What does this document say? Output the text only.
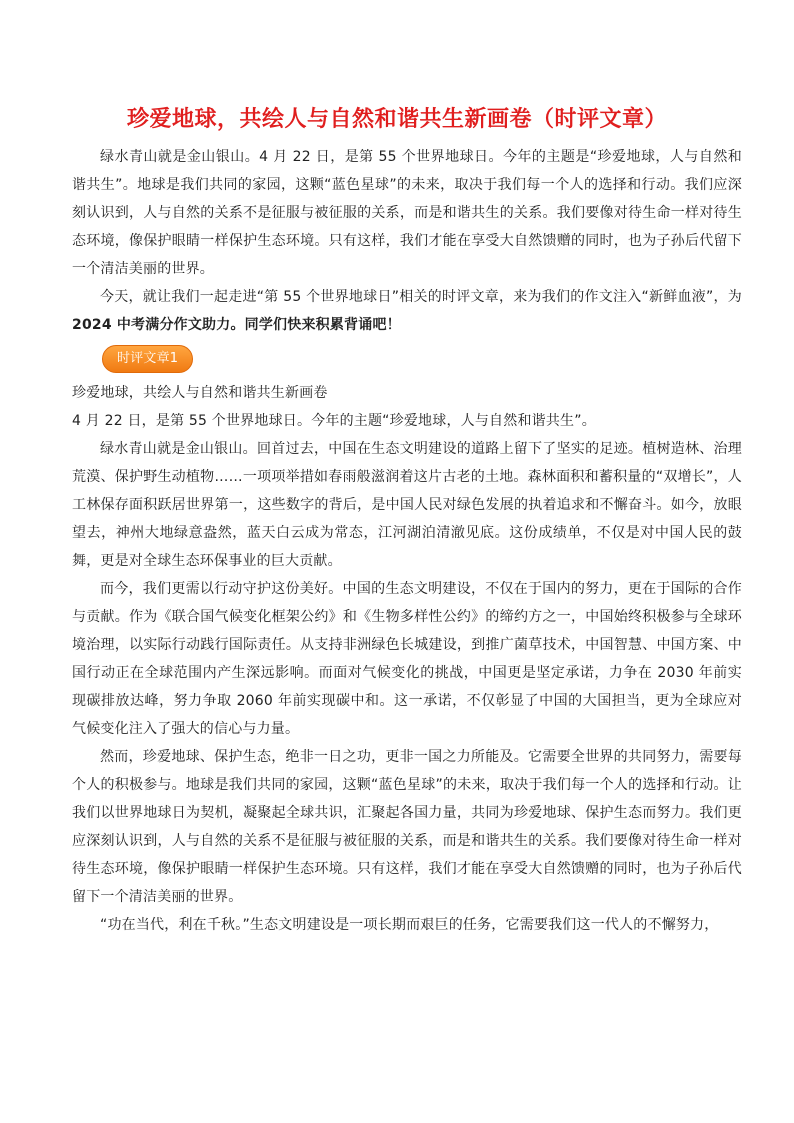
珍爱地球，共绘人与自然和谐共生新画卷（时评文章）

绿水青山就是金山银山。4 月 22 日，是第 55 个世界地球日。今年的主题是“珍爱地球，人与自然和谐共生”。地球是我们共同的家园，这颗“蓝色星球”的未来，取决于我们每一个人的选择和行动。我们应深刻认识到，人与自然的关系不是征服与被征服的关系，而是和谐共生的关系。我们要像对待生命一样对待生态环境，像保护眼睛一样保护生态环境。只有这样，我们才能在享受大自然馈赠的同时，也为子孙后代留下一个清洁美丽的世界。

今天，就让我们一起走进“第 55 个世界地球日”相关的时评文章，来为我们的作文注入“新鲜血液”，为 2024 中考满分作文助力。同学们快来积累背诵吧！

时评文章1

珍爱地球，共绘人与自然和谐共生新画卷

4 月 22 日，是第 55 个世界地球日。今年的主题“珍爱地球，人与自然和谐共生”。

绿水青山就是金山银山。回首过去，中国在生态文明建设的道路上留下了坚实的足迹。植树造林、治理荒漠、保护野生动植物……一项项举措如春雨般滋润着这片古老的土地。森林面积和蓄积量的“双增长”，人工林保存面积跃居世界第一，这些数字的背后，是中国人民对绿色发展的执着追求和不懈奋斗。如今，放眼望去，神州大地绿意盎然，蓝天白云成为常态，江河湖泊清澈见底。这份成绩单，不仅是对中国人民的鼓舞，更是对全球生态环保事业的巨大贡献。

而今，我们更需以行动守护这份美好。中国的生态文明建设，不仅在于国内的努力，更在于国际的合作与贡献。作为《联合国气候变化框架公约》和《生物多样性公约》的缔约方之一，中国始终积极参与全球环境治理，以实际行动践行国际责任。从支持非洲绿色长城建设，到推广菌草技术，中国智慧、中国方案、中国行动正在全球范围内产生深远影响。而面对气候变化的挑战，中国更是坚定承诺，力争在 2030 年前实现碳排放达峰，努力争取 2060 年前实现碳中和。这一承诺，不仅彰显了中国的大国担当，更为全球应对气候变化注入了强大的信心与力量。

然而，珍爱地球、保护生态，绝非一日之功，更非一国之力所能及。它需要全世界的共同努力，需要每个人的积极参与。地球是我们共同的家园，这颗“蓝色星球”的未来，取决于我们每一个人的选择和行动。让我们以世界地球日为契机，凝聚起全球共识，汇聚起各国力量，共同为珍爱地球、保护生态而努力。我们更应深刻认识到，人与自然的关系不是征服与被征服的关系，而是和谐共生的关系。我们要像对待生命一样对待生态环境，像保护眼睛一样保护生态环境。只有这样，我们才能在享受大自然馈赠的同时，也为子孙后代留下一个清洁美丽的世界。

“功在当代，利在千秋。”生态文明建设是一项长期而艰巨的任务，它需要我们这一代人的不懈努力，
